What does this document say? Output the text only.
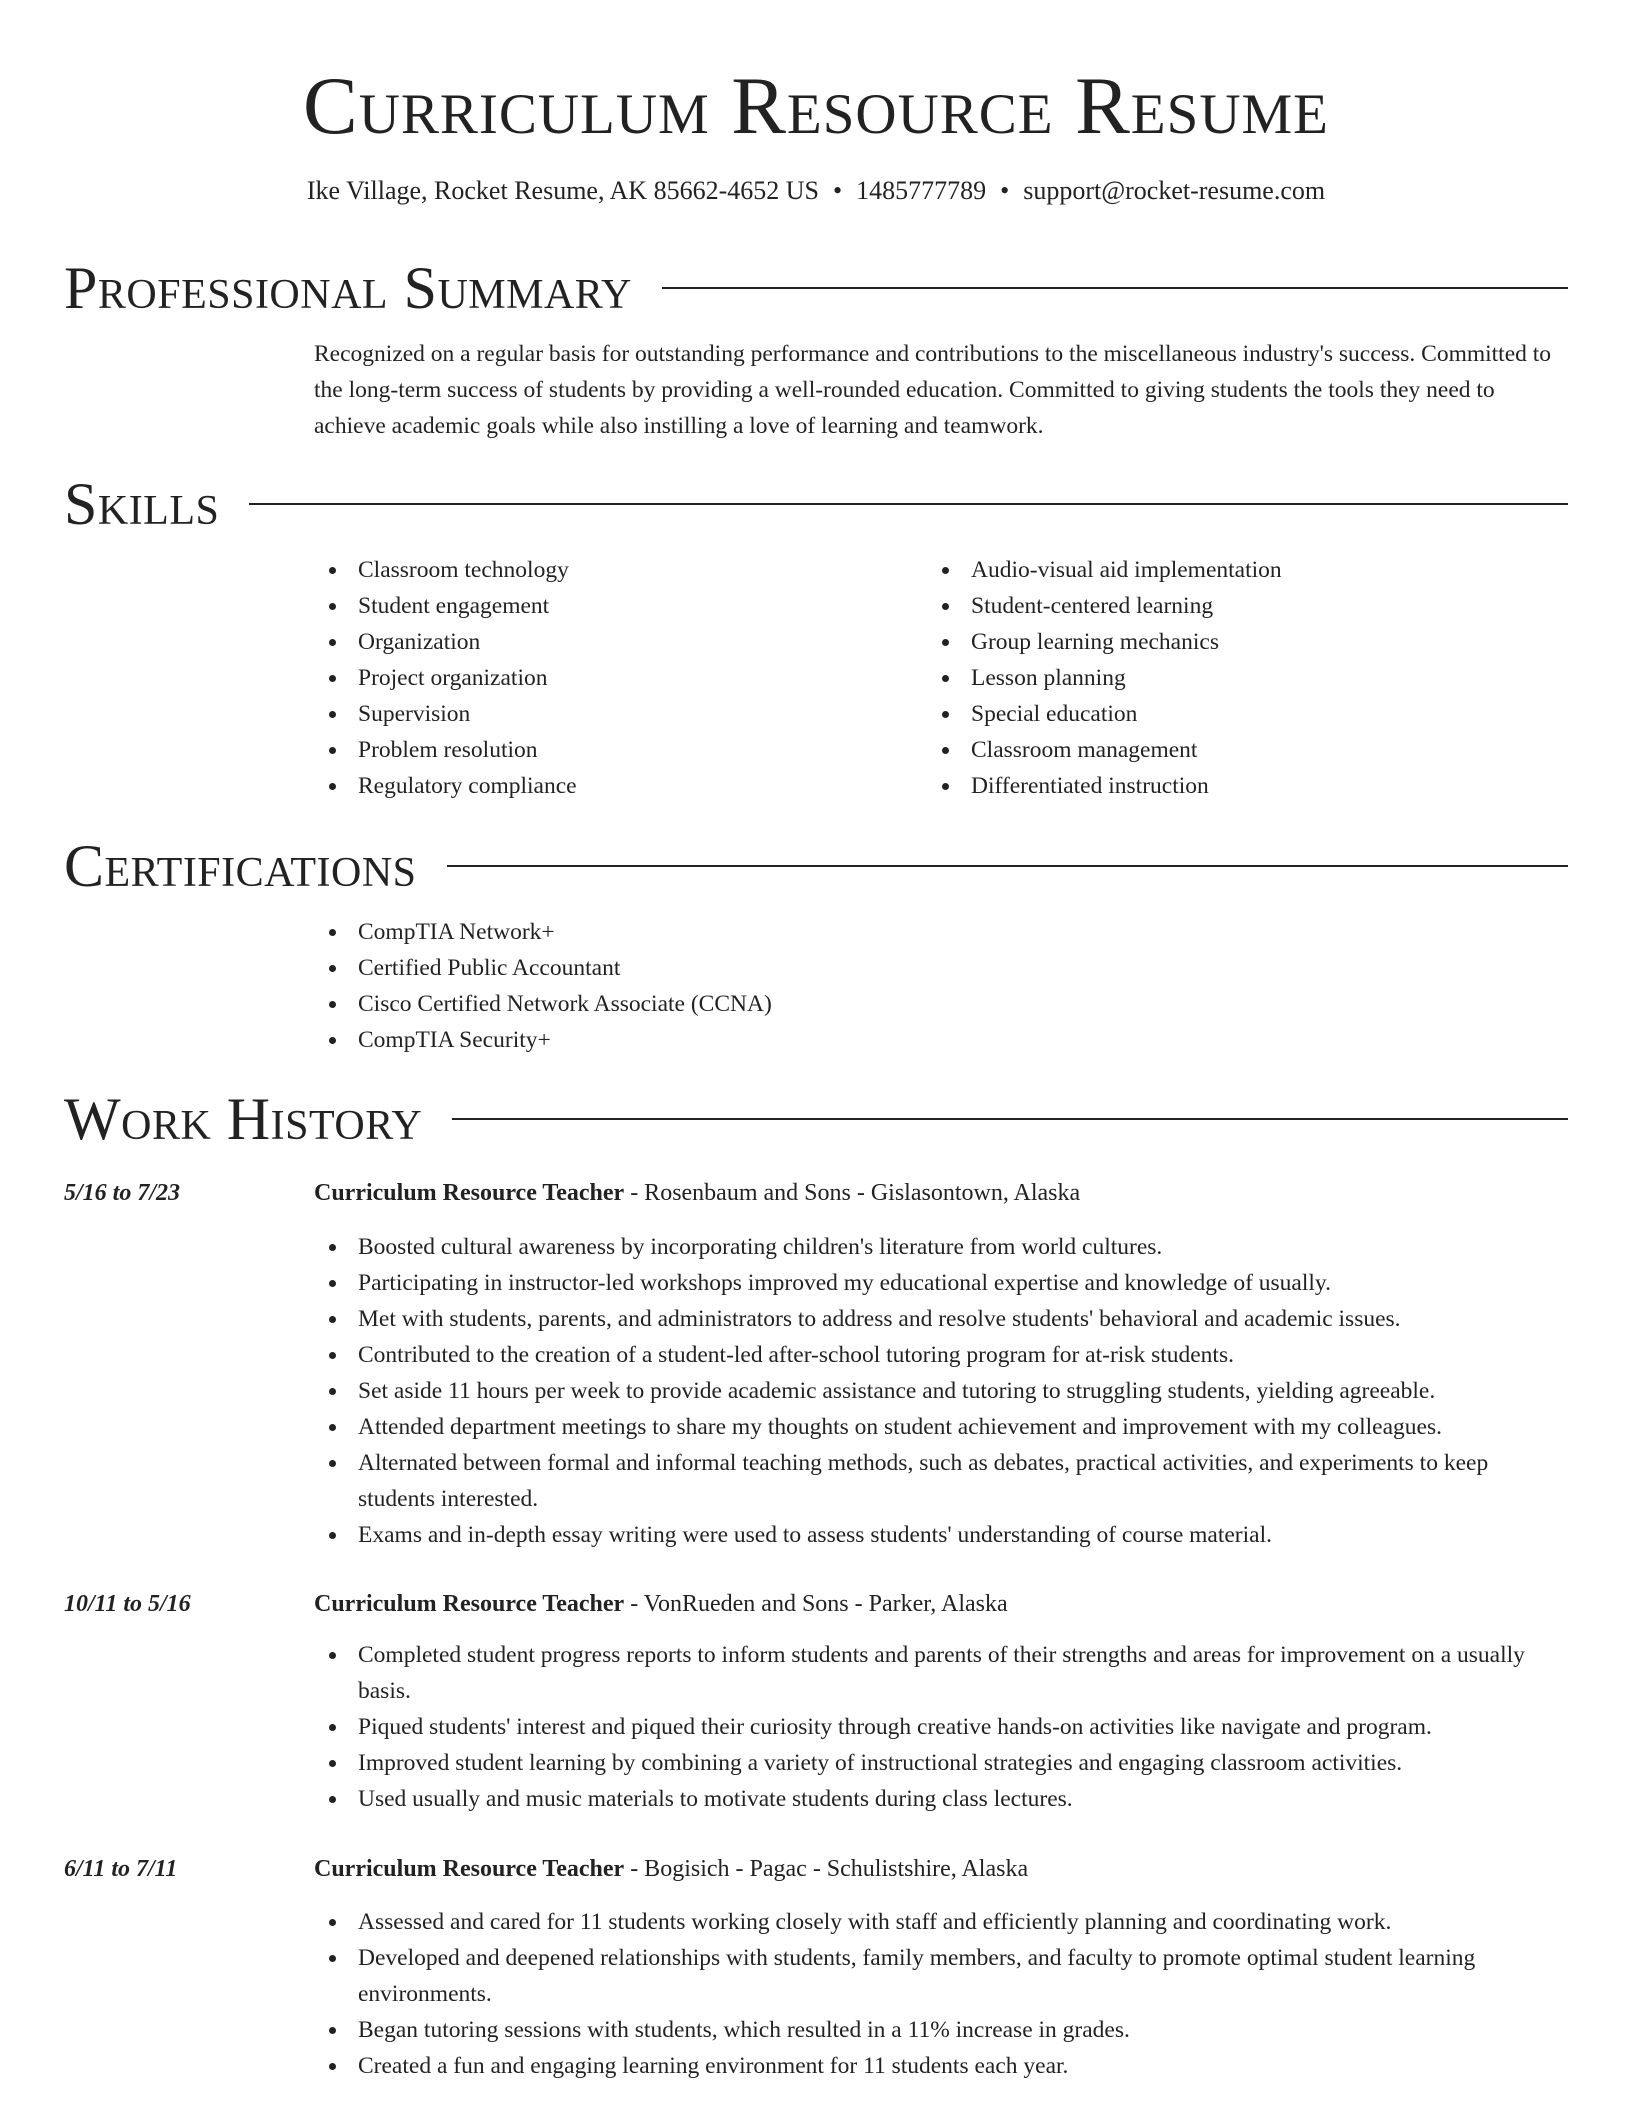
Curriculum Resource Resume
Ike Village, Rocket Resume, AK 85662-4652 US • 1485777789 • support@rocket-resume.com
Professional Summary

Recognized on a regular basis for outstanding performance and contributions to the miscellaneous industry's success. Committed to the long-term success of students by providing a well-rounded education. Committed to giving students the tools they need to achieve academic goals while also instilling a love of learning and teamwork.

Skills
Classroom technology
Student engagement
Organization
Project organization
Supervision
Problem resolution
Regulatory compliance
Audio-visual aid implementation
Student-centered learning
Group learning mechanics
Lesson planning
Special education
Classroom management
Differentiated instruction
Certifications
CompTIA Network+
Certified Public Accountant
Cisco Certified Network Associate (CCNA)
CompTIA Security+
Work History
5/16 to 7/23	Curriculum Resource Teacher - Rosenbaum and Sons - Gislasontown, Alaska
Boosted cultural awareness by incorporating children's literature from world cultures.
Participating in instructor-led workshops improved my educational expertise and knowledge of usually.
Met with students, parents, and administrators to address and resolve students' behavioral and academic issues.
Contributed to the creation of a student-led after-school tutoring program for at-risk students.
Set aside 11 hours per week to provide academic assistance and tutoring to struggling students, yielding agreeable.
Attended department meetings to share my thoughts on student achievement and improvement with my colleagues.
Alternated between formal and informal teaching methods, such as debates, practical activities, and experiments to keep students interested.
Exams and in-depth essay writing were used to assess students' understanding of course material.
10/11 to 5/16	Curriculum Resource Teacher - VonRueden and Sons - Parker, Alaska
Completed student progress reports to inform students and parents of their strengths and areas for improvement on a usually basis.
Piqued students' interest and piqued their curiosity through creative hands-on activities like navigate and program.
Improved student learning by combining a variety of instructional strategies and engaging classroom activities.
Used usually and music materials to motivate students during class lectures.
6/11 to 7/11	Curriculum Resource Teacher - Bogisich - Pagac - Schulistshire, Alaska
Assessed and cared for 11 students working closely with staff and efficiently planning and coordinating work.
Developed and deepened relationships with students, family members, and faculty to promote optimal student learning environments.
Began tutoring sessions with students, which resulted in a 11% increase in grades.
Created a fun and engaging learning environment for 11 students each year.
